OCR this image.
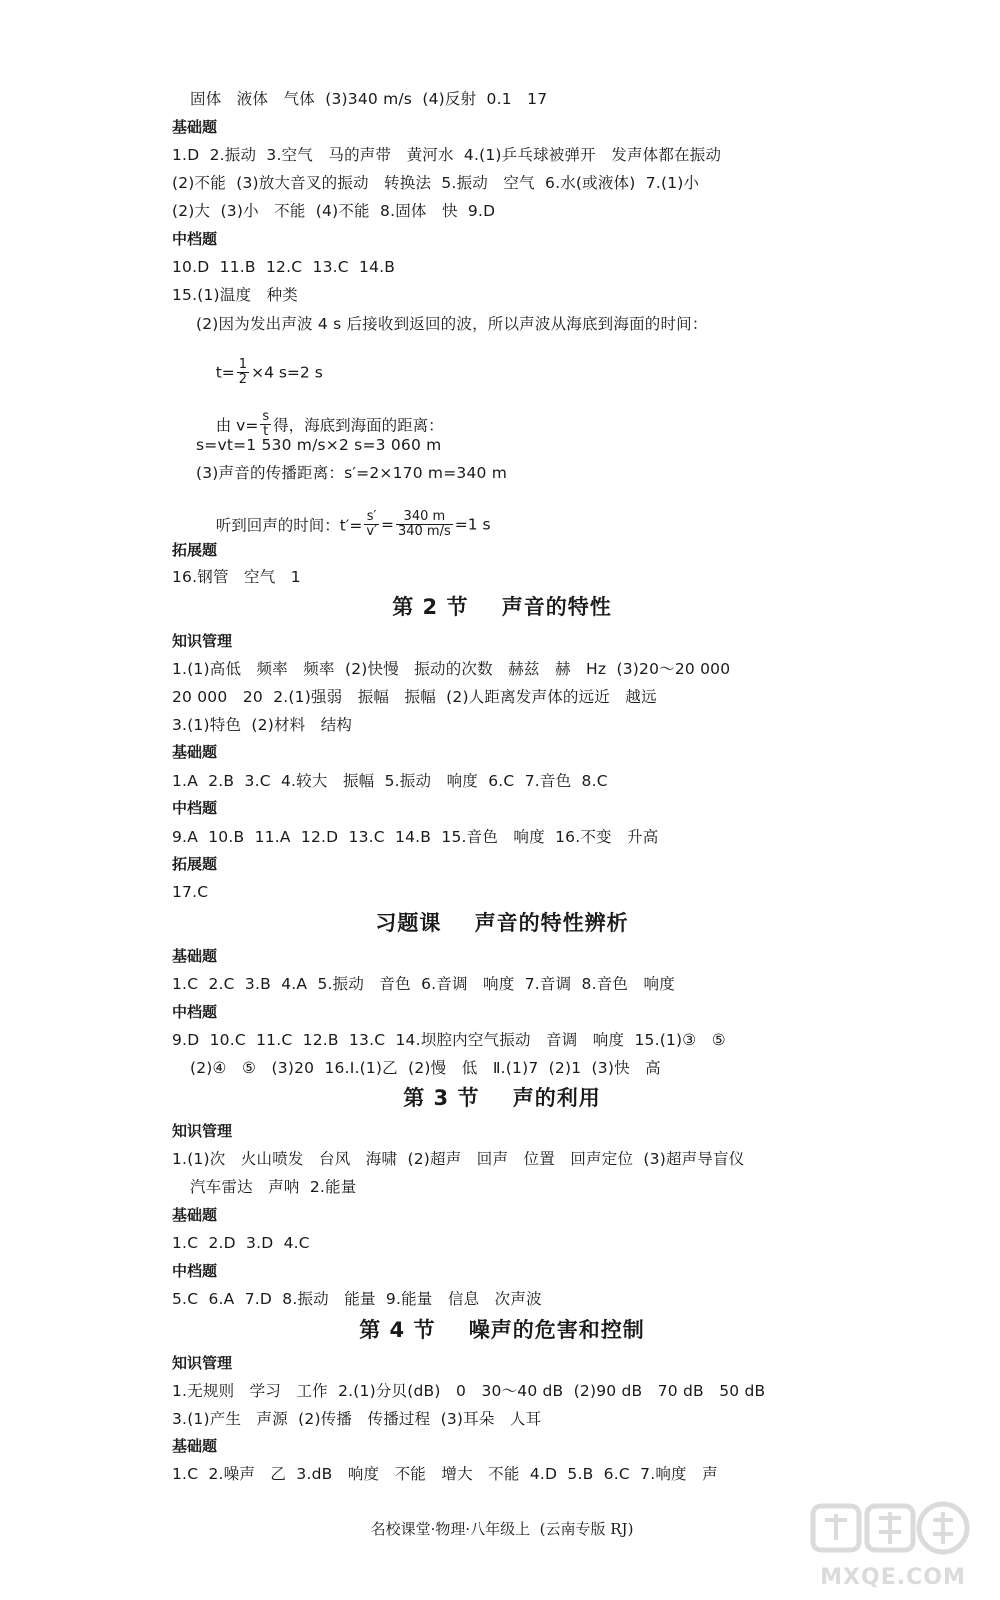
固体   液体   气体  (3)340 m/s  (4)反射  0.1   17
基础题
1.D  2.振动  3.空气   马的声带   黄河水  4.(1)乒乓球被弹开   发声体都在振动
(2)不能  (3)放大音叉的振动   转换法  5.振动   空气  6.水(或液体)  7.(1)小
(2)大  (3)小   不能  (4)不能  8.固体   快  9.D
中档题
10.D  11.B  12.C  13.C  14.B
15.(1)温度   种类
(2)因为发出声波 4 s 后接收到返回的波，所以声波从海底到海面的时间：

$t= \frac{1}{2} \times 4$ s=2 s

由 $v= \frac{s}{t}$ 得，海底到海面的距离：

s=vt=1 530 m/s×2 s=3 060 m
(3)声音的传播距离：s′=2×170 m=340 m

听到回声的时间：$t'= \frac{s'}{v'} = \frac{340 m}{340 m/s} =1$ s

拓展题
16.钢管   空气   1
第 2 节    声音的特性
知识管理
1.(1)高低   频率   频率  (2)快慢   振动的次数   赫兹   赫   Hz  (3)20～20 000
20 000   20  2.(1)强弱   振幅   振幅  (2)人距离发声体的远近   越远
3.(1)特色  (2)材料   结构
基础题
1.A  2.B  3.C  4.较大   振幅  5.振动   响度  6.C  7.音色  8.C
中档题
9.A  10.B  11.A  12.D  13.C  14.B  15.音色   响度  16.不变   升高
拓展题
17.C
习题课    声音的特性辨析
基础题
1.C  2.C  3.B  4.A  5.振动   音色  6.音调   响度  7.音调  8.音色   响度
中档题
9.D  10.C  11.C  12.B  13.C  14.坝腔内空气振动   音调   响度  15.(1)③   ⑤
(2)④   ⑤   (3)20  16.Ⅰ.(1)乙  (2)慢   低   Ⅱ.(1)7  (2)1  (3)快   高
第 3 节    声的利用
知识管理
1.(1)次   火山喷发   台风   海啸  (2)超声   回声   位置   回声定位  (3)超声导盲仪
汽车雷达   声呐  2.能量
基础题
1.C  2.D  3.D  4.C
中档题
5.C  6.A  7.D  8.振动   能量  9.能量   信息   次声波
第 4 节    噪声的危害和控制
知识管理
1.无规则   学习   工作  2.(1)分贝(dB)   0   30～40 dB  (2)90 dB   70 dB   50 dB
3.(1)产生   声源  (2)传播   传播过程  (3)耳朵   人耳
基础题
1.C  2.噪声   乙  3.dB   响度   不能   增大   不能  4.D  5.B  6.C  7.响度   声
名校课堂·物理·八年级上  (云南专版 RJ)
MXQE.COM
